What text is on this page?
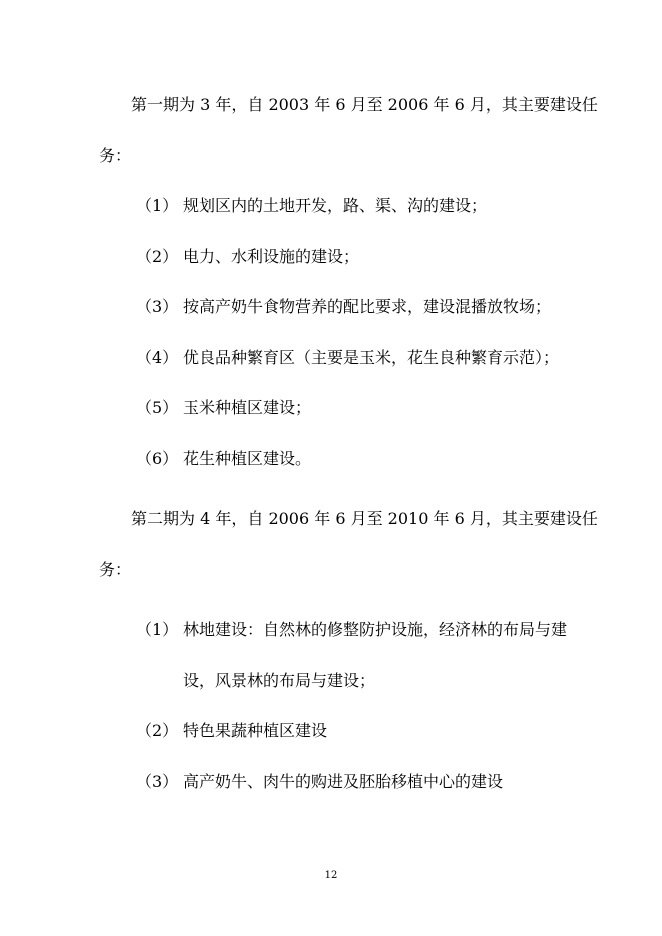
第一期为 3 年，自 2003 年 6 月至 2006 年 6 月，其主要建设任
务：
（1） 规划区内的土地开发，路、渠、沟的建设；
（2） 电力、水利设施的建设；
（3） 按高产奶牛食物营养的配比要求，建设混播放牧场；
（4） 优良品种繁育区（主要是玉米，花生良种繁育示范）；
（5） 玉米种植区建设；
（6） 花生种植区建设。
第二期为 4 年，自 2006 年 6 月至 2010 年 6 月，其主要建设任
务：
（1） 林地建设：自然林的修整防护设施，经济林的布局与建
设，风景林的布局与建设；
（2） 特色果蔬种植区建设
（3） 高产奶牛、肉牛的购进及胚胎移植中心的建设
12
